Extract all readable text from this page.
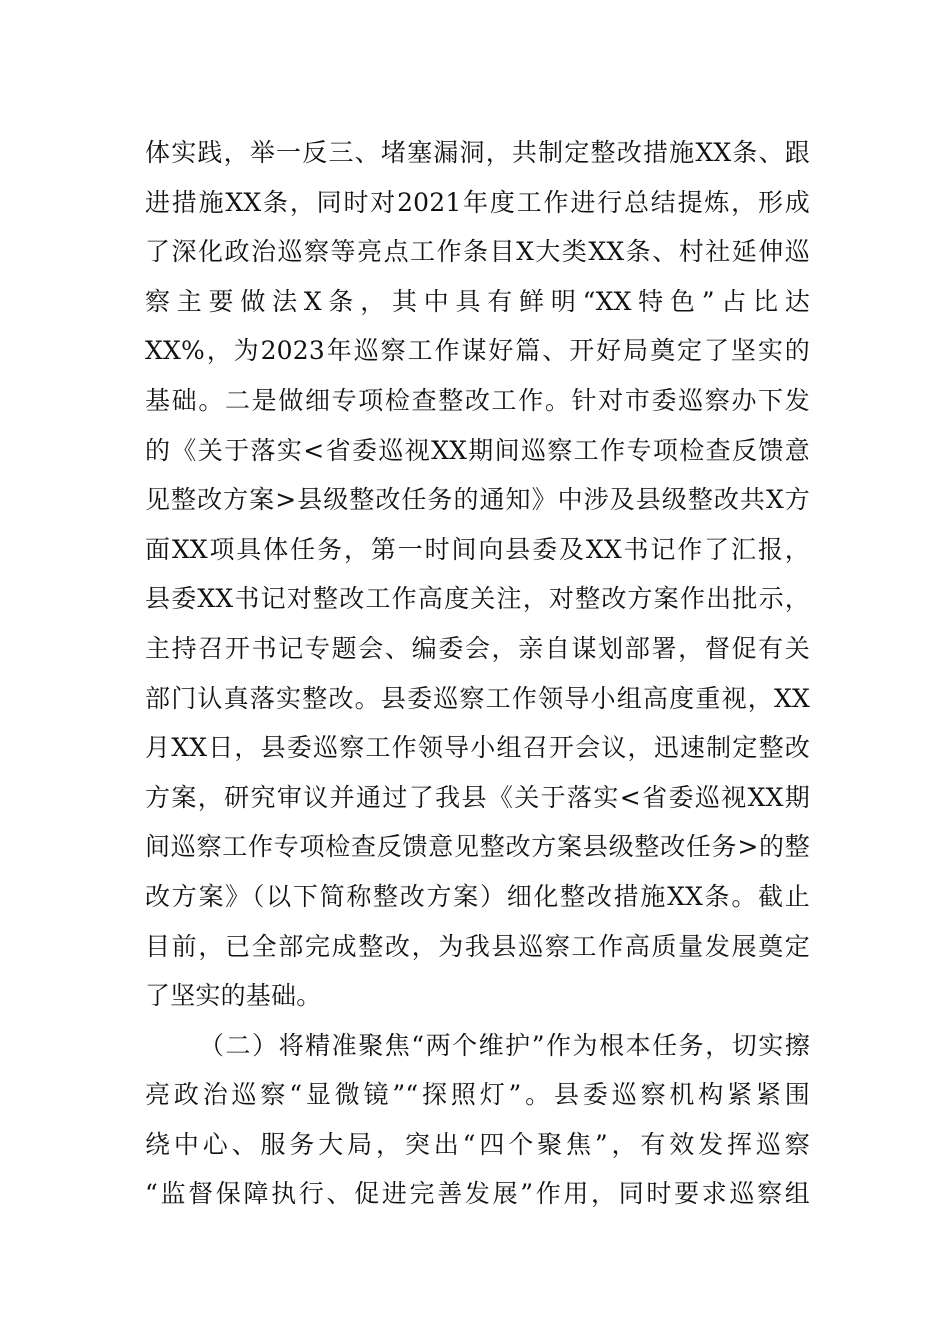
体实践，举一反三、堵塞漏洞，共制定整改措施XX条、跟
进措施XX条，同时对2021年度工作进行总结提炼，形成
了深化政治巡察等亮点工作条目X大类XX条、村社延伸巡
察主要做法X条，其中具有鲜明“XX特色”占比达
XX%，为2023年巡察工作谋好篇、开好局奠定了坚实的
基础。二是做细专项检查整改工作。针对市委巡察办下发
的《关于落实<省委巡视XX期间巡察工作专项检查反馈意
见整改方案>县级整改任务的通知》中涉及县级整改共X方
面XX项具体任务，第一时间向县委及XX书记作了汇报，
县委XX书记对整改工作高度关注，对整改方案作出批示，
主持召开书记专题会、编委会，亲自谋划部署，督促有关
部门认真落实整改。县委巡察工作领导小组高度重视，XX
月XX日，县委巡察工作领导小组召开会议，迅速制定整改
方案，研究审议并通过了我县《关于落实<省委巡视XX期
间巡察工作专项检查反馈意见整改方案县级整改任务>的整
改方案》（以下简称整改方案）细化整改措施XX条。截止
目前，已全部完成整改，为我县巡察工作高质量发展奠定
了坚实的基础。
（二）将精准聚焦“两个维护”作为根本任务，切实擦
亮政治巡察“显微镜”“探照灯”。县委巡察机构紧紧围
绕中心、服务大局，突出“四个聚焦”，有效发挥巡察
“监督保障执行、促进完善发展”作用，同时要求巡察组
